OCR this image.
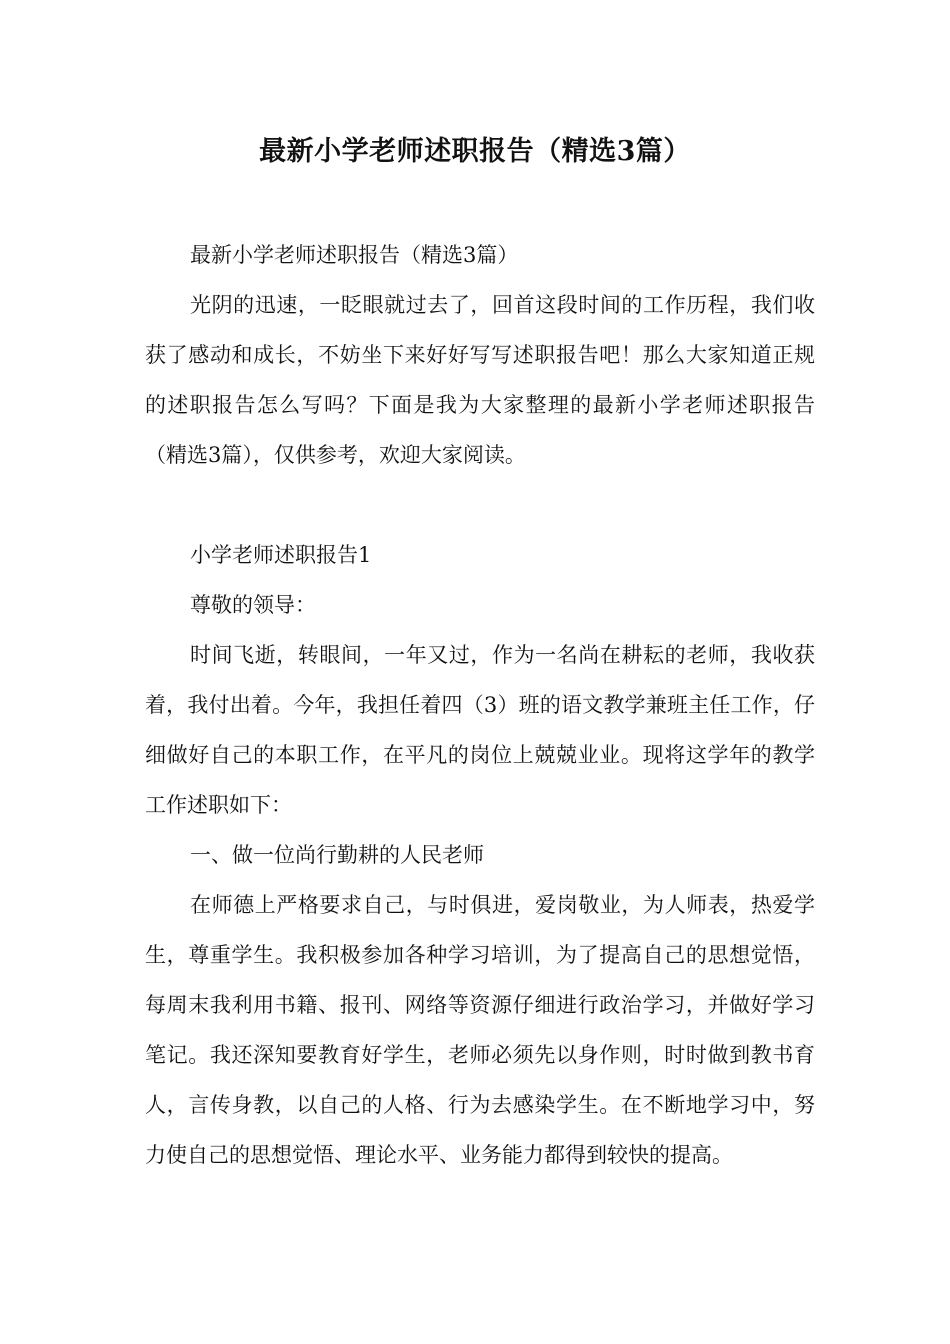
最新小学老师述职报告（精选3篇）

最新小学老师述职报告（精选3篇）

光阴的迅速，一眨眼就过去了，回首这段时间的工作历程，我们收获了感动和成长，不妨坐下来好好写写述职报告吧！那么大家知道正规的述职报告怎么写吗？下面是我为大家整理的最新小学老师述职报告（精选3篇），仅供参考，欢迎大家阅读。

小学老师述职报告1

尊敬的领导：

时间飞逝，转眼间，一年又过，作为一名尚在耕耘的老师，我收获着，我付出着。今年，我担任着四（3）班的语文教学兼班主任工作，仔细做好自己的本职工作，在平凡的岗位上兢兢业业。现将这学年的教学工作述职如下：

一、做一位尚行勤耕的人民老师

在师德上严格要求自己，与时俱进，爱岗敬业，为人师表，热爱学生，尊重学生。我积极参加各种学习培训，为了提高自己的思想觉悟，每周末我利用书籍、报刊、网络等资源仔细进行政治学习，并做好学习笔记。我还深知要教育好学生，老师必须先以身作则，时时做到教书育人，言传身教，以自己的人格、行为去感染学生。在不断地学习中，努力使自己的思想觉悟、理论水平、业务能力都得到较快的提高。
